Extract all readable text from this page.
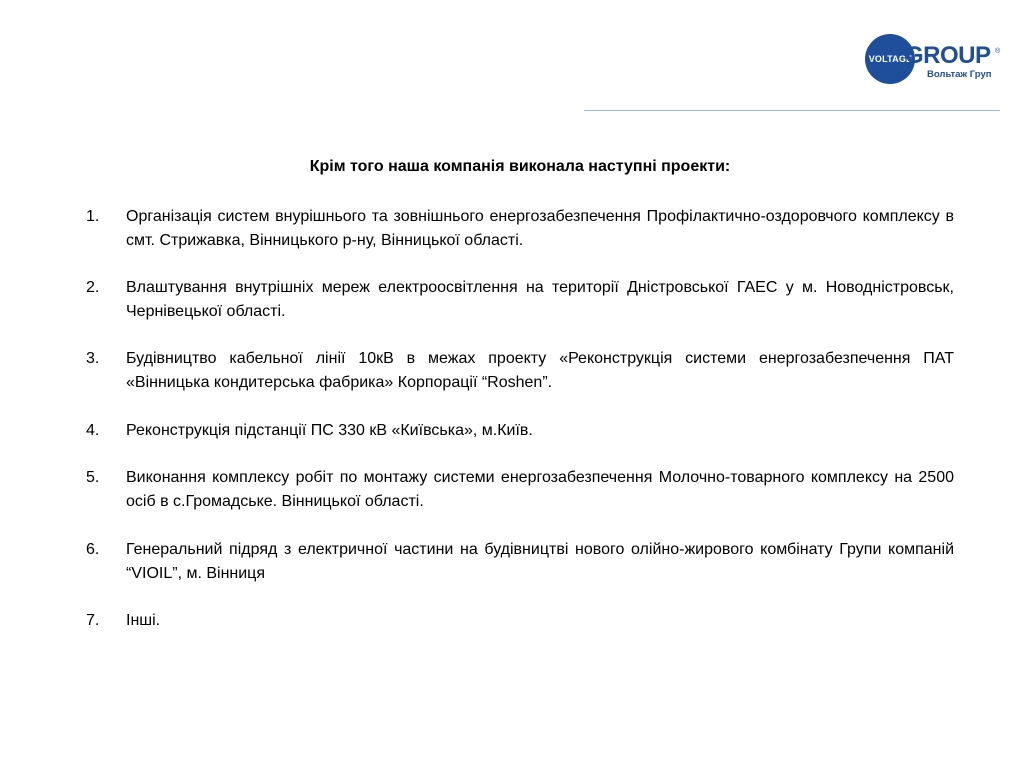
VOLTAGE
GROUP ®
Вольтаж Груп
Крім того наша компанія виконала наступні проекти:
1.	Організація систем внурішнього та зовнішнього енергозабезпечення Профілактично-оздоровчого комплексу в смт. Стрижавка, Вінницького р-ну, Вінницької області.
2.	Влаштування внутрішніх мереж електроосвітлення на території Дністровської ГАЕС у м. Новодністровськ, Чернівецької області.
3.	Будівництво кабельної лінії 10кВ в межах проекту «Реконструкція системи енергозабезпечення ПАТ «Вінницька кондитерська фабрика» Корпорації “Roshen”.
4.	Реконструкція підстанції ПС 330 кВ «Київська», м.Київ.
5.	Виконання комплексу робіт по монтажу системи енергозабезпечення Молочно-товарного комплексу на 2500 осіб в с.Громадське. Вінницької області.
6.	Генеральний підряд з електричної частини на будівництві нового олійно-жирового комбінату Групи компаній “VIOIL”, м. Вінниця
7.	Інші.
